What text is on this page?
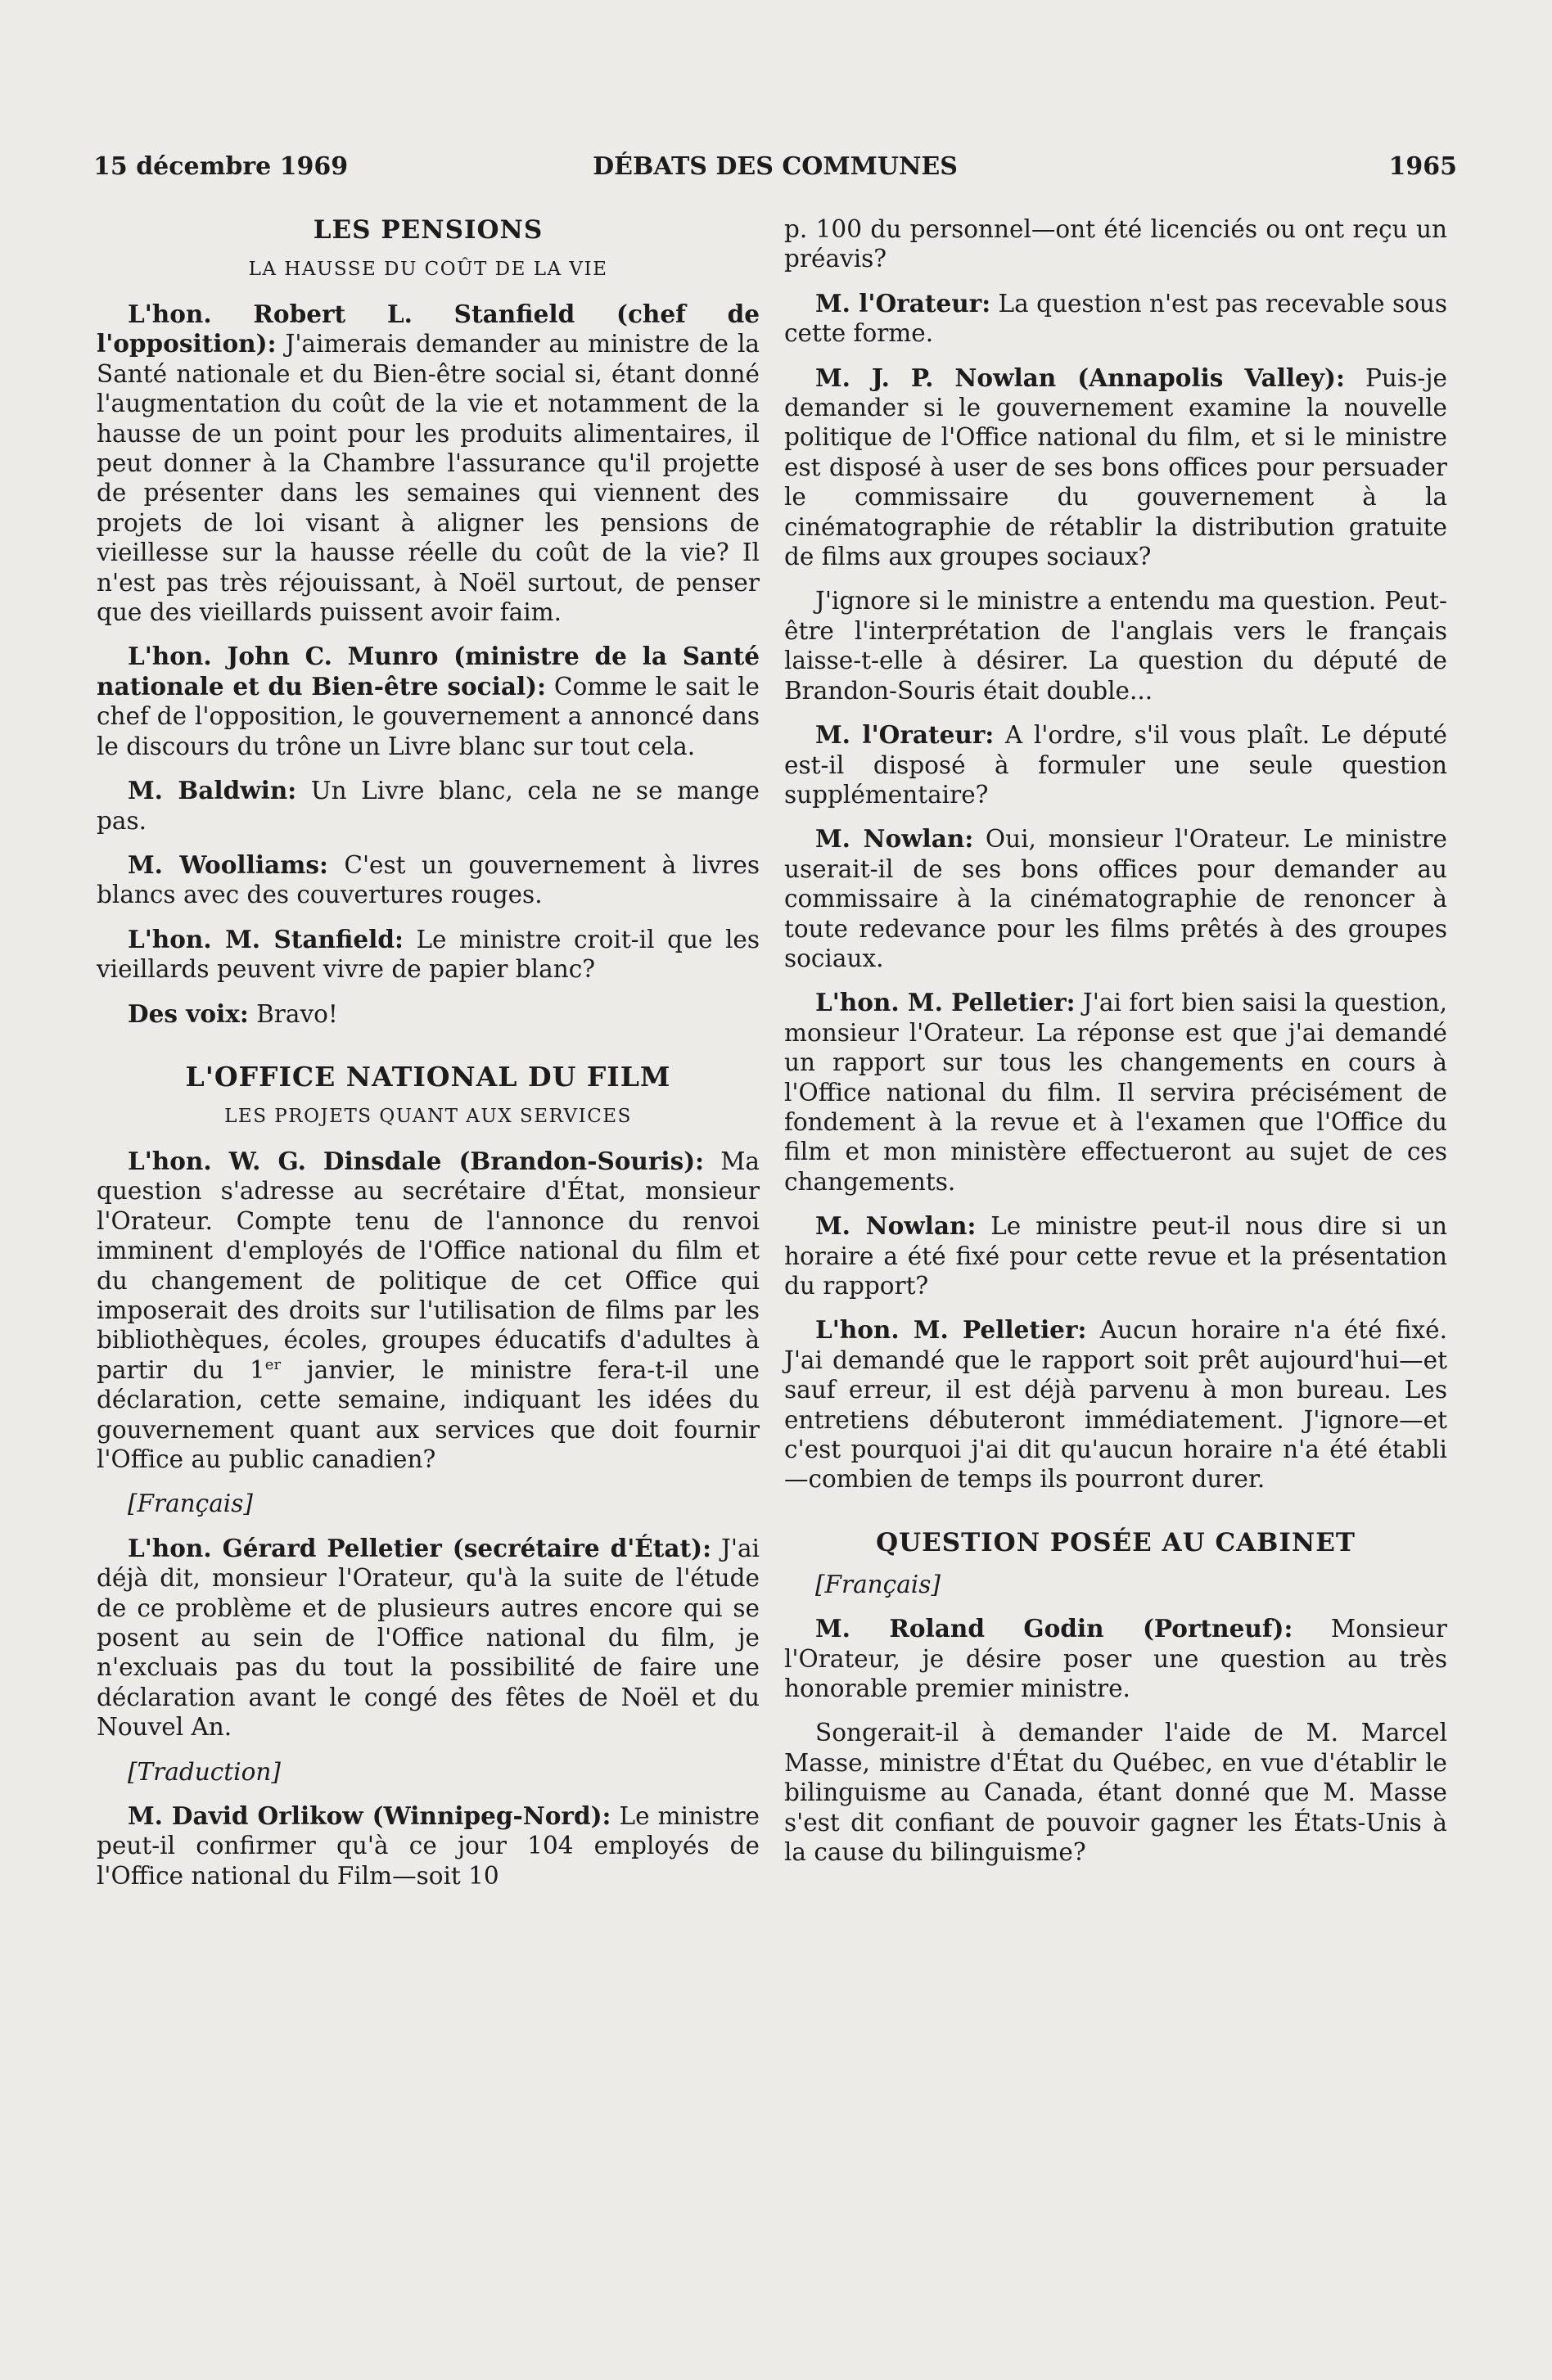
15 décembre 1969	DÉBATS DES COMMUNES	1965
LES PENSIONS
LA HAUSSE DU COÛT DE LA VIE

L'hon. Robert L. Stanfield (chef de l'opposition): J'aimerais demander au ministre de la Santé nationale et du Bien-être social si, étant donné l'augmentation du coût de la vie et notamment de la hausse de un point pour les produits alimentaires, il peut donner à la Chambre l'assurance qu'il projette de présenter dans les semaines qui viennent des projets de loi visant à aligner les pensions de vieillesse sur la hausse réelle du coût de la vie? Il n'est pas très réjouissant, à Noël surtout, de penser que des vieillards puissent avoir faim.

L'hon. John C. Munro (ministre de la Santé nationale et du Bien-être social): Comme le sait le chef de l'opposition, le gouvernement a annoncé dans le discours du trône un Livre blanc sur tout cela.

M. Baldwin: Un Livre blanc, cela ne se mange pas.

M. Woolliams: C'est un gouvernement à livres blancs avec des couvertures rouges.

L'hon. M. Stanfield: Le ministre croit-il que les vieillards peuvent vivre de papier blanc?

Des voix: Bravo!

L'OFFICE NATIONAL DU FILM
LES PROJETS QUANT AUX SERVICES

L'hon. W. G. Dinsdale (Brandon-Souris): Ma question s'adresse au secrétaire d'État, monsieur l'Orateur. Compte tenu de l'annonce du renvoi imminent d'employés de l'Office national du film et du changement de politique de cet Office qui imposerait des droits sur l'utilisation de films par les bibliothèques, écoles, groupes éducatifs d'adultes à partir du 1er janvier, le ministre fera-t-il une déclaration, cette semaine, indiquant les idées du gouvernement quant aux services que doit fournir l'Office au public canadien?

[Français]

L'hon. Gérard Pelletier (secrétaire d'État): J'ai déjà dit, monsieur l'Orateur, qu'à la suite de l'étude de ce problème et de plusieurs autres encore qui se posent au sein de l'Office national du film, je n'excluais pas du tout la possibilité de faire une déclaration avant le congé des fêtes de Noël et du Nouvel An.

[Traduction]

M. David Orlikow (Winnipeg-Nord): Le ministre peut-il confirmer qu'à ce jour 104 employés de l'Office national du Film—soit 10

p. 100 du personnel—ont été licenciés ou ont reçu un préavis?

M. l'Orateur: La question n'est pas recevable sous cette forme.

M. J. P. Nowlan (Annapolis Valley): Puis-je demander si le gouvernement examine la nouvelle politique de l'Office national du film, et si le ministre est disposé à user de ses bons offices pour persuader le commissaire du gouvernement à la cinématographie de rétablir la distribution gratuite de films aux groupes sociaux?

J'ignore si le ministre a entendu ma question. Peut-être l'interprétation de l'anglais vers le français laisse-t-elle à désirer. La question du député de Brandon-Souris était double...

M. l'Orateur: A l'ordre, s'il vous plaît. Le député est-il disposé à formuler une seule question supplémentaire?

M. Nowlan: Oui, monsieur l'Orateur. Le ministre userait-il de ses bons offices pour demander au commissaire à la cinématographie de renoncer à toute redevance pour les films prêtés à des groupes sociaux.

L'hon. M. Pelletier: J'ai fort bien saisi la question, monsieur l'Orateur. La réponse est que j'ai demandé un rapport sur tous les changements en cours à l'Office national du film. Il servira précisément de fondement à la revue et à l'examen que l'Office du film et mon ministère effectueront au sujet de ces changements.

M. Nowlan: Le ministre peut-il nous dire si un horaire a été fixé pour cette revue et la présentation du rapport?

L'hon. M. Pelletier: Aucun horaire n'a été fixé. J'ai demandé que le rapport soit prêt aujourd'hui—et sauf erreur, il est déjà parvenu à mon bureau. Les entretiens débuteront immédiatement. J'ignore—et c'est pourquoi j'ai dit qu'aucun horaire n'a été établi—combien de temps ils pourront durer.

QUESTION POSÉE AU CABINET

[Français]

M. Roland Godin (Portneuf): Monsieur l'Orateur, je désire poser une question au très honorable premier ministre.

Songerait-il à demander l'aide de M. Marcel Masse, ministre d'État du Québec, en vue d'établir le bilinguisme au Canada, étant donné que M. Masse s'est dit confiant de pouvoir gagner les États-Unis à la cause du bilinguisme?
